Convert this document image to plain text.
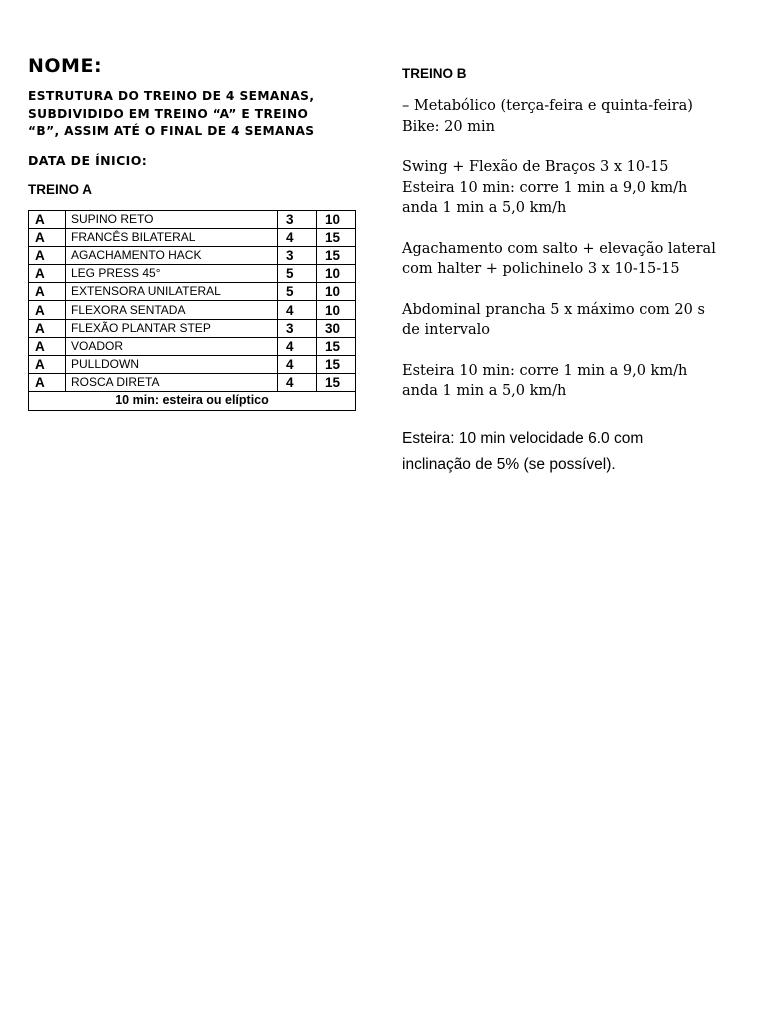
NOME:

ESTRUTURA DO TREINO DE 4 SEMANAS,
SUBDIVIDIDO EM TREINO “A” E TREINO
“B”, ASSIM ATÉ O FINAL DE 4 SEMANAS

DATA DE ÍNICIO:

TREINO A

A	SUPINO RETO	3	10
A	FRANCÊS BILATERAL	4	15
A	AGACHAMENTO HACK	3	15
A	LEG PRESS 45°	5	10
A	EXTENSORA UNILATERAL	5	10
A	FLEXORA SENTADA	4	10
A	FLEXÃO PLANTAR STEP	3	30
A	VOADOR	4	15
A	PULLDOWN	4	15
A	ROSCA DIRETA	4	15
10 min: esteira ou elíptico			

TREINO B

– Metabólico (terça-feira e quinta-feira)
Bike: 20 min

Swing + Flexão de Braços 3 x 10-15
Esteira 10 min: corre 1 min a 9,0 km/h
anda 1 min a 5,0 km/h

Agachamento com salto + elevação lateral
com halter + polichinelo 3 x 10-15-15

Abdominal prancha 5 x máximo com 20 s
de intervalo

Esteira 10 min: corre 1 min a 9,0 km/h
anda 1 min a 5,0 km/h

Esteira: 10 min velocidade 6.0 com
inclinação de 5% (se possível).
